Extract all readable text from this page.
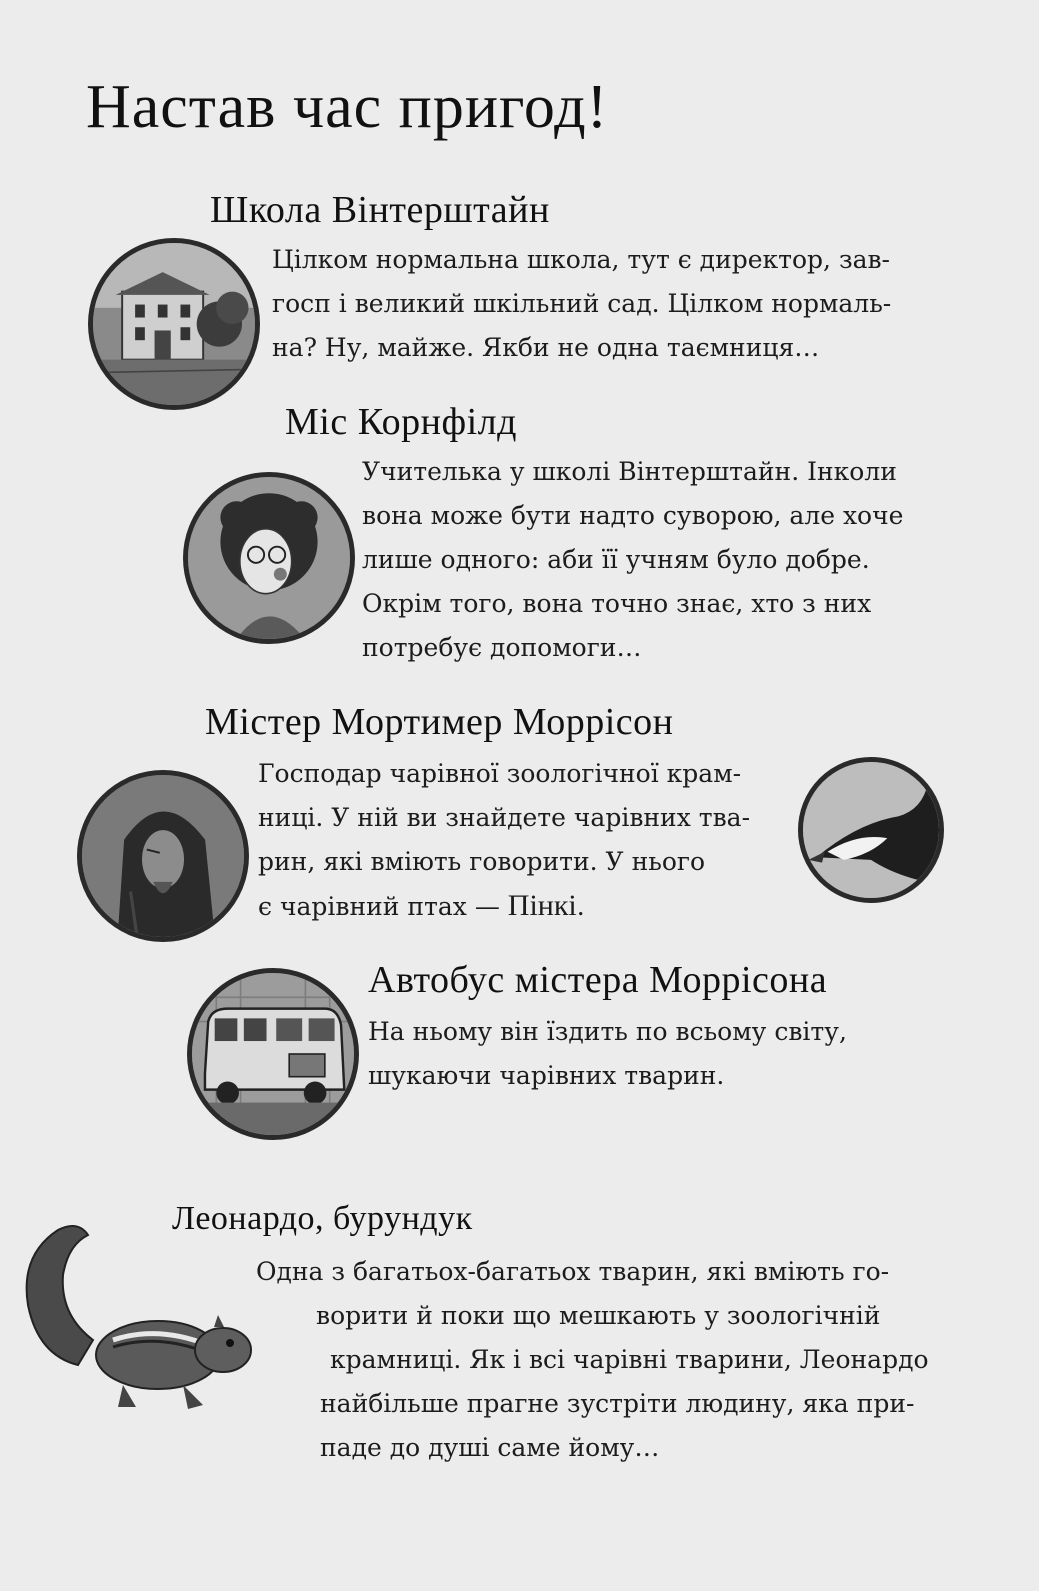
Настав час пригод!
Школа Вінтерштайн

Цілком нормальна школа, тут є директор, зав-

госп і великий шкільний сад. Цілком нормаль-

на? Ну, майже. Якби не одна таємниця…

Міс Корнфілд

Учителька у школі Вінтерштайн. Інколи

вона може бути надто суворою, але хоче

лише одного: аби її учням було добре.

Окрім того, вона точно знає, хто з них

потребує допомоги…

Містер Мортимер Моррісон

Господар чарівної зоологічної крам-

ниці. У ній ви знайдете чарівних тва-

рин, які вміють говорити. У нього

є чарівний птах — Пінкі.

Автобус містера Моррісона

На ньому він їздить по всьому світу,

шукаючи чарівних тварин.

Леонардо, бурундук

Одна з багатьох-багатьох тварин, які вміють го-

ворити й поки що мешкають у зоологічній

крамниці. Як і всі чарівні тварини, Леонардо

найбільше прагне зустріти людину, яка при-

паде до душі саме йому…
